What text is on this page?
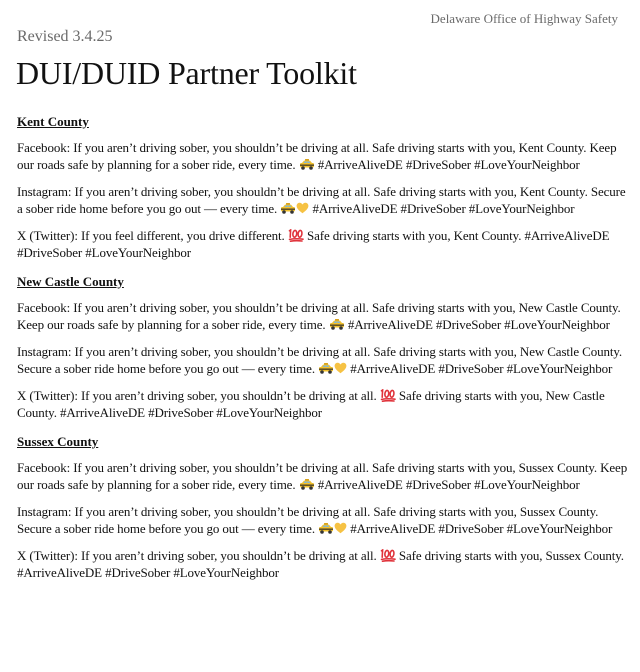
Delaware Office of Highway Safety
Revised 3.4.25
DUI/DUID Partner Toolkit
Kent County

Facebook: If you aren’t driving sober, you shouldn’t be driving at all. Safe driving starts with you, Kent County. Keep our roads safe by planning for a sober ride, every time. #ArriveAliveDE #DriveSober #LoveYourNeighbor

Instagram: If you aren’t driving sober, you shouldn’t be driving at all. Safe driving starts with you, Kent County. Secure a sober ride home before you go out — every time.	#ArriveAliveDE #DriveSober #LoveYourNeighbor

X (Twitter): If you feel different, you drive different. Safe driving starts with you, Kent County. #ArriveAliveDE #DriveSober #LoveYourNeighbor

New Castle County

Facebook: If you aren’t driving sober, you shouldn’t be driving at all. Safe driving starts with you, New Castle County. Keep our roads safe by planning for a sober ride, every time. #ArriveAliveDE #DriveSober #LoveYourNeighbor

Instagram: If you aren’t driving sober, you shouldn’t be driving at all. Safe driving starts with you, New Castle County. Secure a sober ride home before you go out — every time.	#ArriveAliveDE #DriveSober #LoveYourNeighbor

X (Twitter): If you aren’t driving sober, you shouldn’t be driving at all. Safe driving starts with you, New Castle County. #ArriveAliveDE #DriveSober #LoveYourNeighbor

Sussex County

Facebook: If you aren’t driving sober, you shouldn’t be driving at all. Safe driving starts with you, Sussex County. Keep our roads safe by planning for a sober ride, every time. #ArriveAliveDE #DriveSober #LoveYourNeighbor

Instagram: If you aren’t driving sober, you shouldn’t be driving at all. Safe driving starts with you, Sussex County. Secure a sober ride home before you go out — every time.	#ArriveAliveDE #DriveSober #LoveYourNeighbor

X (Twitter): If you aren’t driving sober, you shouldn’t be driving at all. Safe driving starts with you, Sussex County. #ArriveAliveDE #DriveSober #LoveYourNeighbor
